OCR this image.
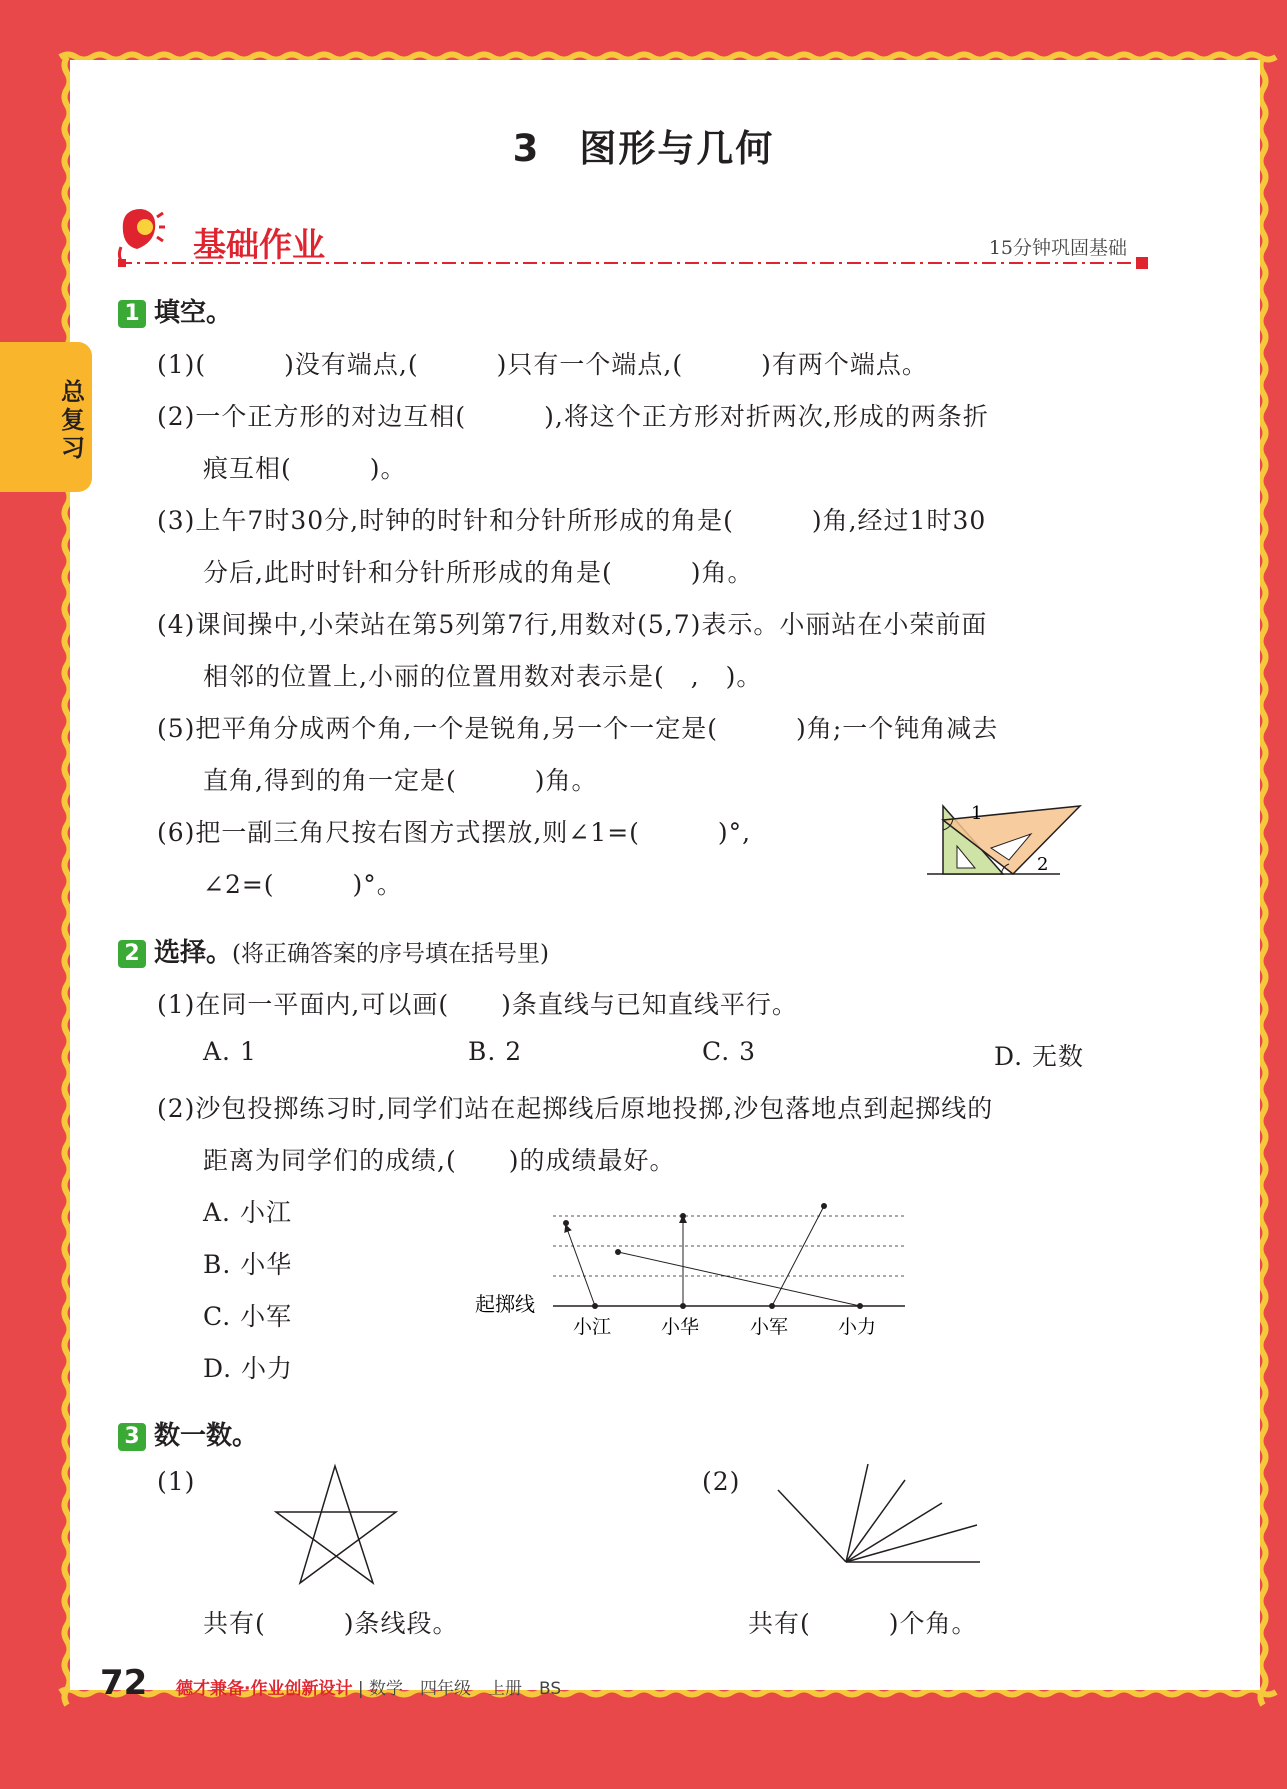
总复习
3　图形与几何
基础作业	15分钟巩固基础
1 填空。
(1)(　　　)没有端点,(　　　)只有一个端点,(　　　)有两个端点。
(2)一个正方形的对边互相(　　　),将这个正方形对折两次,形成的两条折
痕互相(　　　)。
(3)上午7时30分,时钟的时针和分针所形成的角是(　　　)角,经过1时30
分后,此时时针和分针所形成的角是(　　　)角。
(4)课间操中,小荣站在第5列第7行,用数对(5,7)表示。小丽站在小荣前面
相邻的位置上,小丽的位置用数对表示是(　,　)。
(5)把平角分成两个角,一个是锐角,另一个一定是(　　　)角;一个钝角减去
直角,得到的角一定是(　　　)角。
(6)把一副三角尺按右图方式摆放,则∠1=(　　　)°,
∠2=(　　　)°。
1
2
2 选择。(将正确答案的序号填在括号里)
(1)在同一平面内,可以画(　　)条直线与已知直线平行。
A. 1	B. 2	C. 3	D. 无数
(2)沙包投掷练习时,同学们站在起掷线后原地投掷,沙包落地点到起掷线的
距离为同学们的成绩,(　　)的成绩最好。
A. 小江
B. 小华
C. 小军
D. 小力
起掷线
小江	小华	小军	小力
3 数一数。
(1)	(2)
共有(　　　)条线段。	共有(　　　)个角。
72 德才兼备·作业创新设计 | 数学　四年级　上册　BS
